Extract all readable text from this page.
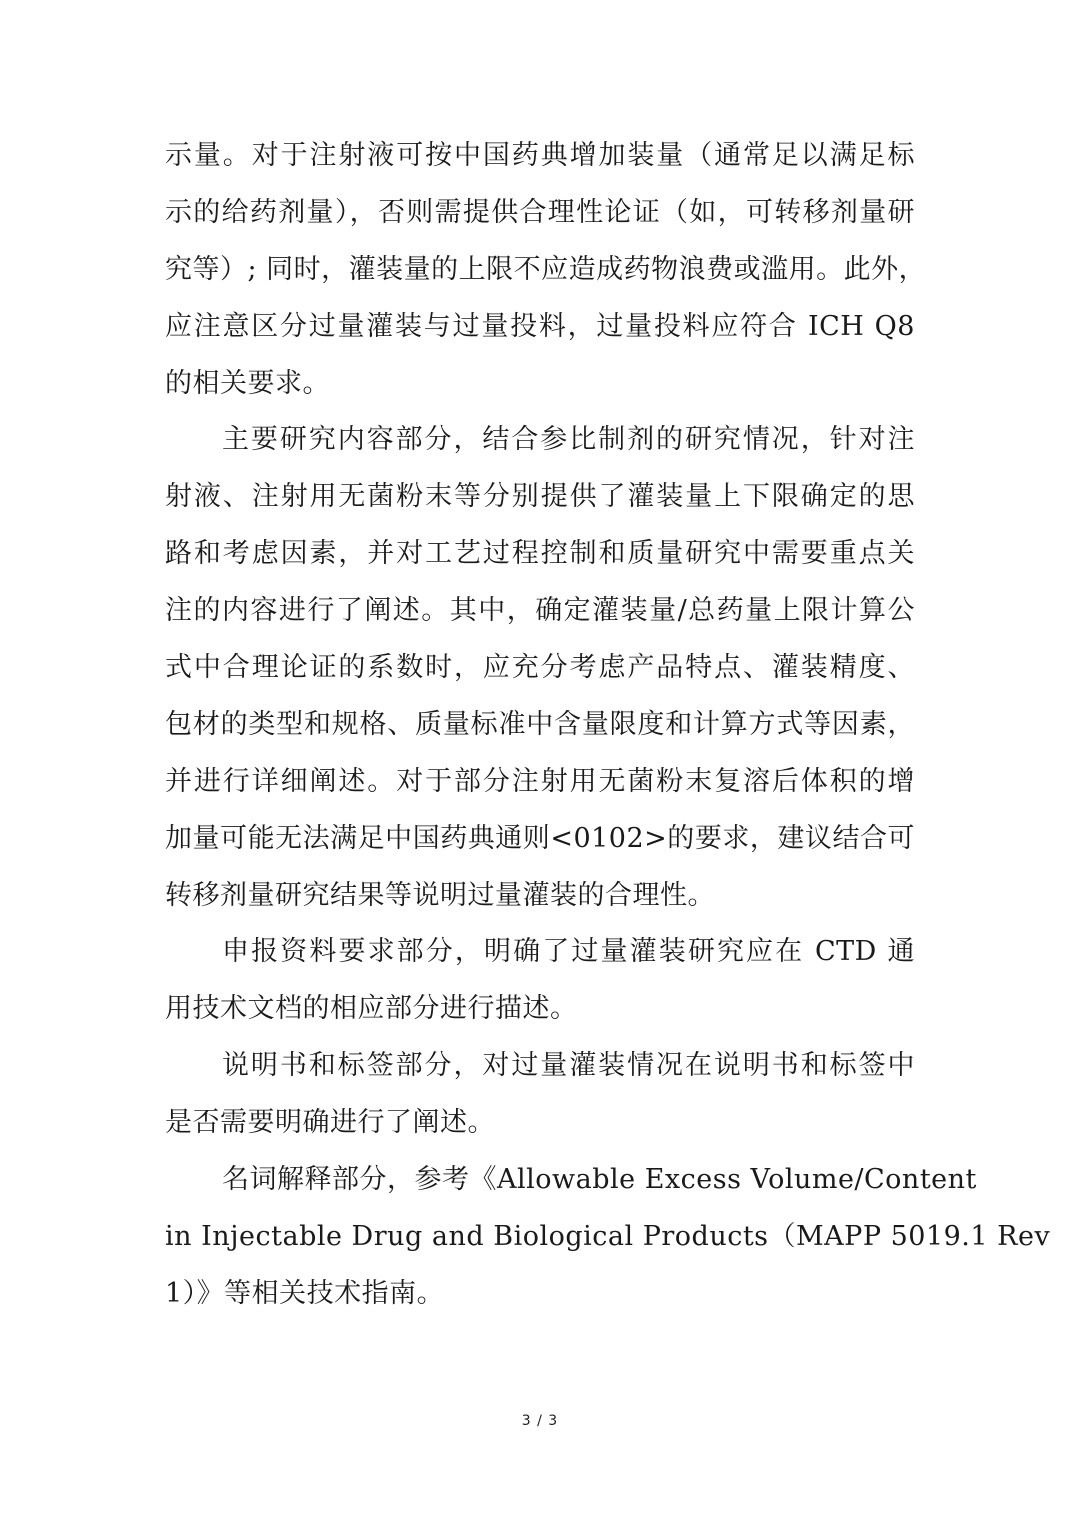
示量。对于注射液可按中国药典增加装量（通常足以满足标
示的给药剂量），否则需提供合理性论证（如，可转移剂量研
究等）; 同时，灌装量的上限不应造成药物浪费或滥用。此外，
应注意区分过量灌装与过量投料，过量投料应符合 ICH Q8
的相关要求。
主要研究内容部分，结合参比制剂的研究情况，针对注
射液、注射用无菌粉末等分别提供了灌装量上下限确定的思
路和考虑因素，并对工艺过程控制和质量研究中需要重点关
注的内容进行了阐述。其中，确定灌装量/总药量上限计算公
式中合理论证的系数时，应充分考虑产品特点、灌装精度、
包材的类型和规格、质量标准中含量限度和计算方式等因素，
并进行详细阐述。对于部分注射用无菌粉末复溶后体积的增
加量可能无法满足中国药典通则<0102>的要求，建议结合可
转移剂量研究结果等说明过量灌装的合理性。
申报资料要求部分，明确了过量灌装研究应在 CTD 通
用技术文档的相应部分进行描述。
说明书和标签部分，对过量灌装情况在说明书和标签中
是否需要明确进行了阐述。
名词解释部分，参考《Allowable Excess Volume/Content
in Injectable Drug and Biological Products（MAPP 5019.1 Rev
1）》等相关技术指南。
3 / 3
